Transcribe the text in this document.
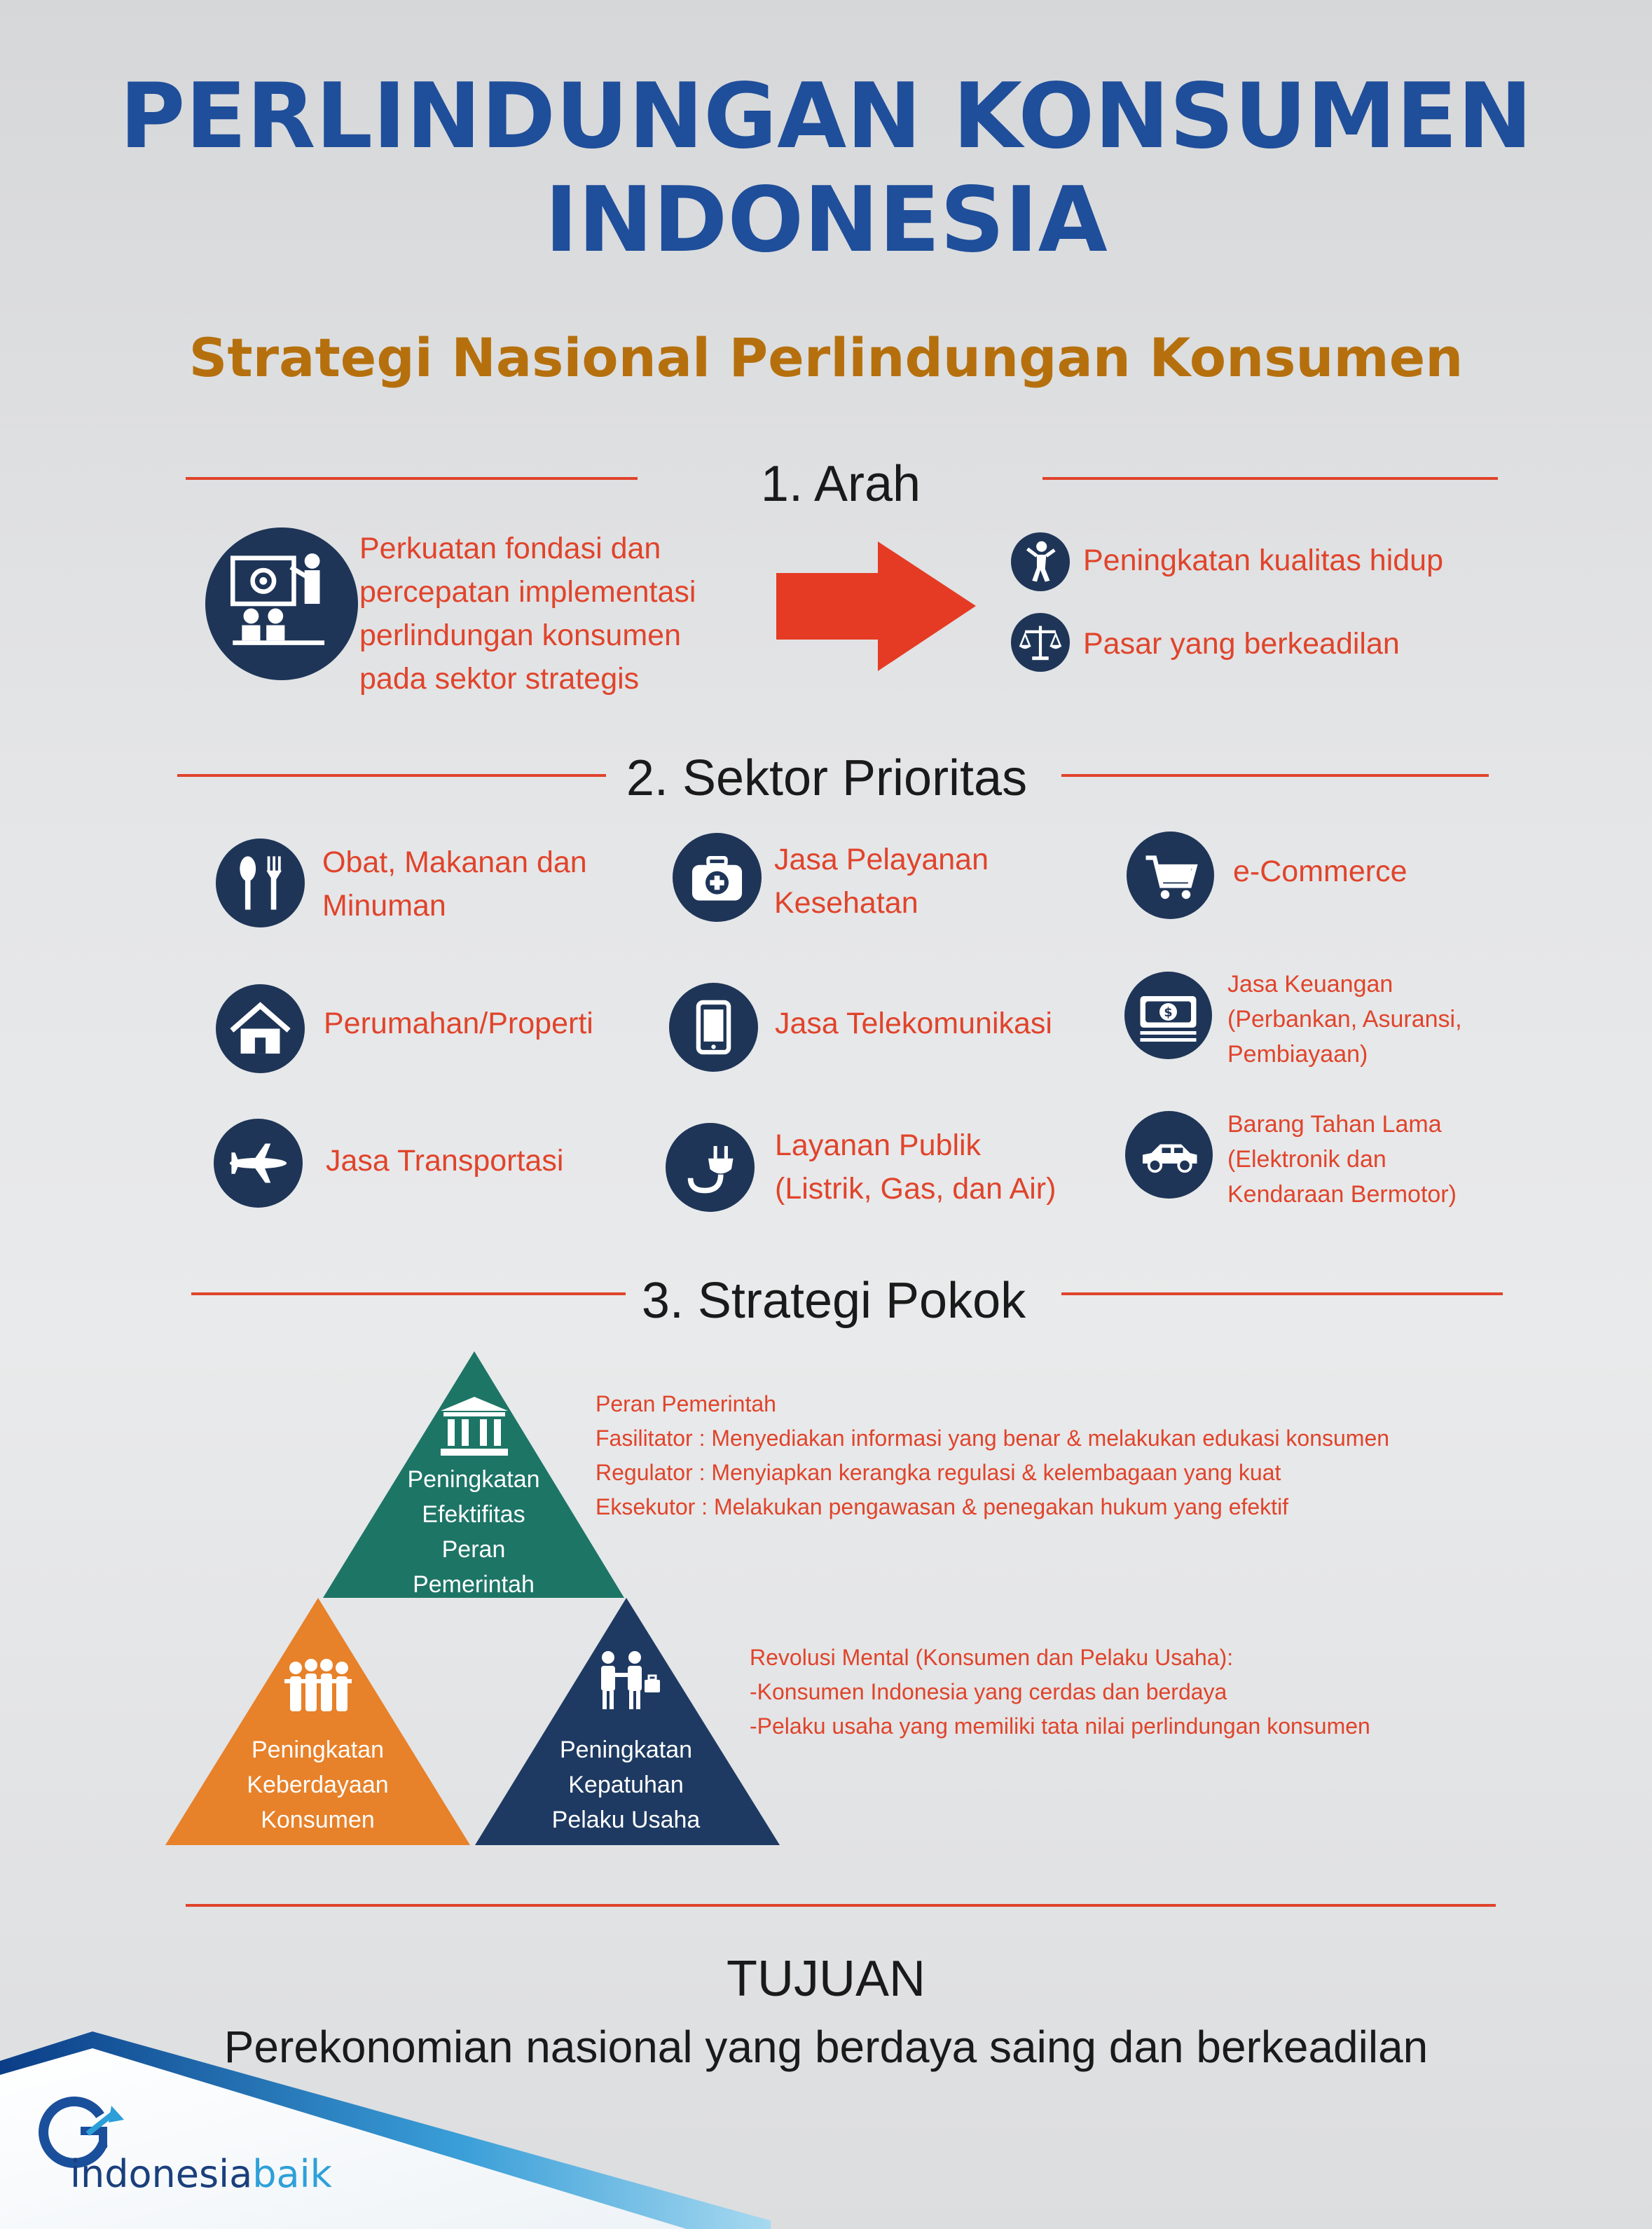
PERLINDUNGAN KONSUMEN
INDONESIA
Strategi Nasional Perlindungan Konsumen
1. Arah
Perkuatan fondasi dan
percepatan implementasi
perlindungan konsumen
pada sektor strategis
Peningkatan kualitas hidup
Pasar yang berkeadilan
2. Sektor Prioritas
Obat, Makanan dan
Minuman
Jasa Pelayanan
Kesehatan
e-Commerce
Perumahan/Properti	Jasa Telekomunikasi	$
Jasa Keuangan
(Perbankan, Asuransi,
Pembiayaan)
Jasa Transportasi	Layanan Publik
(Listrik, Gas, dan Air)
Barang Tahan Lama
(Elektronik dan
Kendaraan Bermotor)
3. Strategi Pokok
Peningkatan
Efektifitas
Peran
Pemerintah
Peningkatan
Keberdayaan
Konsumen
Peningkatan
Kepatuhan
Pelaku Usaha
Peran Pemerintah
Fasilitator : Menyediakan informasi yang benar & melakukan edukasi konsumen
Regulator : Menyiapkan kerangka regulasi & kelembagaan yang kuat
Eksekutor : Melakukan pengawasan & penegakan hukum yang efektif
Revolusi Mental (Konsumen dan Pelaku Usaha):
-Konsumen Indonesia yang cerdas dan berdaya
-Pelaku usaha yang memiliki tata nilai perlindungan konsumen
TUJUAN
Perekonomian nasional yang berdaya saing dan berkeadilan
indonesiabaik
